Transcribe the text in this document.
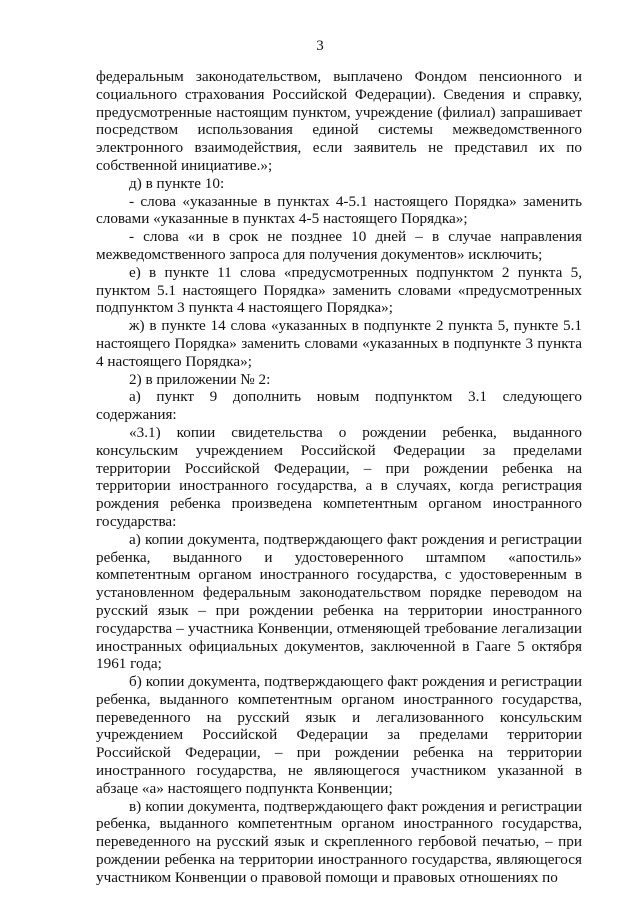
3

федеральным законодательством, выплачено Фондом пенсионного и социального страхования Российской Федерации). Сведения и справку, предусмотренные настоящим пунктом, учреждение (филиал) запрашивает посредством использования единой системы межведомственного электронного взаимодействия, если заявитель не представил их по собственной инициативе.»;

д) в пункте 10:

- слова «указанные в пунктах 4-5.1 настоящего Порядка» заменить словами «указанные в пунктах 4-5 настоящего Порядка»;

- слова «и в срок не позднее 10 дней – в случае направления межведомственного запроса для получения документов» исключить;

е) в пункте 11 слова «предусмотренных подпунктом 2 пункта 5, пунктом 5.1 настоящего Порядка» заменить словами «предусмотренных подпунктом 3 пункта 4 настоящего Порядка»;

ж) в пункте 14 слова «указанных в подпункте 2 пункта 5, пункте 5.1 настоящего Порядка» заменить словами «указанных в подпункте 3 пункта 4 настоящего Порядка»;

2) в приложении № 2:

а) пункт 9 дополнить новым подпунктом 3.1 следующего содержания:

«3.1) копии свидетельства о рождении ребенка, выданного консульским учреждением Российской Федерации за пределами территории Российской Федерации, – при рождении ребенка на территории иностранного государства, а в случаях, когда регистрация рождения ребенка произведена компетентным органом иностранного государства:

а) копии документа, подтверждающего факт рождения и регистрации ребенка, выданного и удостоверенного штампом «апостиль» компетентным органом иностранного государства, с удостоверенным в установленном федеральным законодательством порядке переводом на русский язык – при рождении ребенка на территории иностранного государства – участника Конвенции, отменяющей требование легализации иностранных официальных документов, заключенной в Гааге 5 октября 1961 года;

б) копии документа, подтверждающего факт рождения и регистрации ребенка, выданного компетентным органом иностранного государства, переведенного на русский язык и легализованного консульским учреждением Российской Федерации за пределами территории Российской Федерации, – при рождении ребенка на территории иностранного государства, не являющегося участником указанной в абзаце «а» настоящего подпункта Конвенции;

в) копии документа, подтверждающего факт рождения и регистрации ребенка, выданного компетентным органом иностранного государства, переведенного на русский язык и скрепленного гербовой печатью, – при рождении ребенка на территории иностранного государства, являющегося участником Конвенции о правовой помощи и правовых отношениях по
